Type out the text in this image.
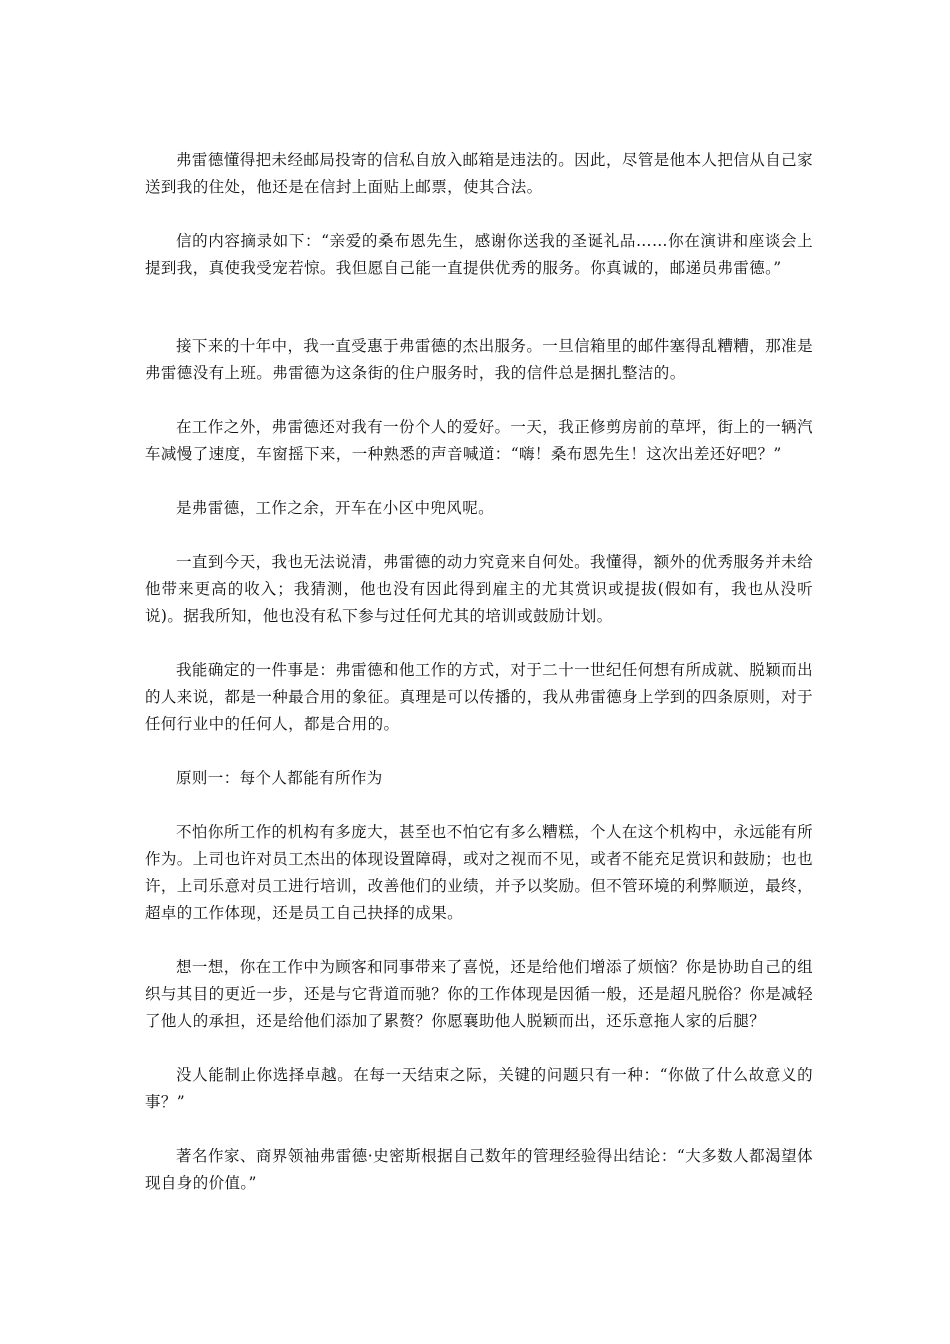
弗雷德懂得把未经邮局投寄的信私自放入邮箱是违法的。因此，尽管是他本人把信从自己家送到我的住处，他还是在信封上面贴上邮票，使其合法。

信的内容摘录如下：“亲爱的桑布恩先生，感谢你送我的圣诞礼品……你在演讲和座谈会上提到我，真使我受宠若惊。我但愿自己能一直提供优秀的服务。你真诚的，邮递员弗雷德。”

接下来的十年中，我一直受惠于弗雷德的杰出服务。一旦信箱里的邮件塞得乱糟糟，那准是弗雷德没有上班。弗雷德为这条街的住户服务时，我的信件总是捆扎整洁的。

在工作之外，弗雷德还对我有一份个人的爱好。一天，我正修剪房前的草坪，街上的一辆汽车减慢了速度，车窗摇下来，一种熟悉的声音喊道：“嗨！桑布恩先生！这次出差还好吧？”

是弗雷德，工作之余，开车在小区中兜风呢。

一直到今天，我也无法说清，弗雷德的动力究竟来自何处。我懂得，额外的优秀服务并未给他带来更高的收入；我猜测，他也没有因此得到雇主的尤其赏识或提拔(假如有，我也从没听说)。据我所知，他也没有私下参与过任何尤其的培训或鼓励计划。

我能确定的一件事是：弗雷德和他工作的方式，对于二十一世纪任何想有所成就、脱颖而出的人来说，都是一种最合用的象征。真理是可以传播的，我从弗雷德身上学到的四条原则，对于任何行业中的任何人，都是合用的。

原则一：每个人都能有所作为

不怕你所工作的机构有多庞大，甚至也不怕它有多么糟糕，个人在这个机构中，永远能有所作为。上司也许对员工杰出的体现设置障碍，或对之视而不见，或者不能充足赏识和鼓励；也也许，上司乐意对员工进行培训，改善他们的业绩，并予以奖励。但不管环境的利弊顺逆，最终，超卓的工作体现，还是员工自己抉择的成果。

想一想，你在工作中为顾客和同事带来了喜悦，还是给他们增添了烦恼？你是协助自己的组织与其目的更近一步，还是与它背道而驰？你的工作体现是因循一般，还是超凡脱俗？你是减轻了他人的承担，还是给他们添加了累赘？你愿襄助他人脱颖而出，还乐意拖人家的后腿？

没人能制止你选择卓越。在每一天结束之际，关键的问题只有一种：“你做了什么故意义的事？”

著名作家、商界领袖弗雷德·史密斯根据自己数年的管理经验得出结论：“大多数人都渴望体现自身的价值。”
